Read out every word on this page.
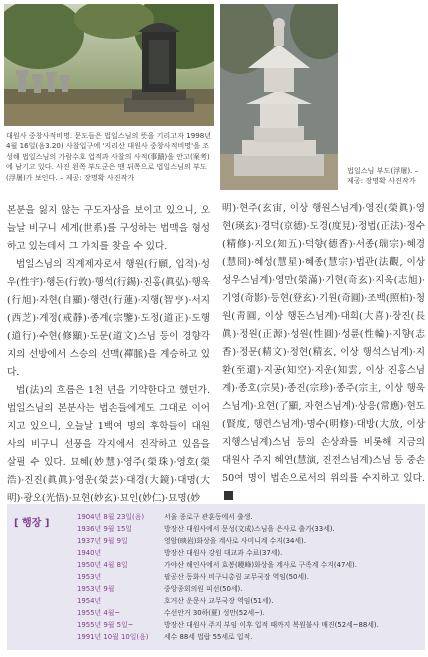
대원사 중창사적비명. 문도들은 법일스님의 뜻을 기리고자 1998년 4월 16일(음3.20) 사찰입구에 '지리산 대원사 중창사적비명'을 조성해 법일스님의 가람수호 업적과 사찰의 사적(事蹟)을 안고(案考)에 남기고 있다. 사진 왼쪽 부도군은 맨 뒤쪽으로 법일스님의 부도(浮屠)가 보인다. – 제공: 장명확 사진작가
법일스님 부도(浮屠). – 제공: 장명확 사진작가

본분을 잃지 않는 구도자상을 보이고 있으니, 오늘날 비구니 세계(世系)를 구성하는 법맥을 형성하고 있는데서 그 가치를 찾을 수 있다.

법일스님의 직계제자로서 행원(行願, 입적)·성우(性宇)·행돈(行敦)·행석(行錫)·진홍(眞弘)·행욱(行旭)·자현(自顯)·행련(行蓮)·지행(智亨)·서지(西芝)·계정(戒靜)·종계(宗鑒)·도정(道正)·도행(道行)·수현(修顯)·도문(道文)스님 등이 경향각지의 선방에서 스승의 선맥(禪脈)을 계승하고 있다.

법(法)의 흐름은 1천 년을 기약한다고 했던가. 법일스님의 본분사는 법손들에게도 그대로 이어지고 있으니, 오늘날 1백여 명의 후학들이 대원사의 비구니 선풍을 각지에서 진작하고 있음을 살필 수 있다. 묘혜(妙慧)·영주(榮珠)·영호(榮浩)·진진(眞眞)·영운(榮芸)·대경(大鏡)·대명(大明)·광오(光悟)·묘현(妙玄)·묘인(妙仁)·묘명(妙

明)·현주(玄宙, 이상 행원스님계)·영진(榮眞)·영현(瑛玄)·경덕(京德)·도경(度見)·정법(正法)·정수(精修)·지오(知五)·덕향(德香)·서종(瑞宗)·혜경(慧冏)·혜성(慧星)·혜종(慧宗)·법관(法觀, 이상 성우스님계)·영만(榮滿)·기현(奇玄)·지욱(志旭)·기영(奇影)·등현(登玄)·기원(奇圓)·조백(照柏)·청원(靑圓, 이상 행돈스님계)·대희(大喜)·장진(長眞)·정원(正源)·성원(性圓)·성륜(性輪)·지향(志香)·정문(精文)·정현(精玄, 이상 행석스님계)·지환(至還)·지공(知空)·지운(知雲, 이상 진홍스님계)·종호(宗昊)·종진(宗珍)·종주(宗主, 이상 행욱스님계)·요현(了顯, 자현스님계)·상응(常應)·현도(賢度, 행련스님계)·명수(明修)·대방(大放, 이상 지행스님계)스님 등의 손상좌를 비롯해 지금의 대원사 주지 혜연(慧演, 진전스님계)스님 등 중손 50여 명이 법손으로서의 위의를 수지하고 있다.

[ 행장 ]
1904년 8월 23일(음)	서울 종로구 관훈동에서 출생.
1936년 9월 15일	방장산 대원사에서 문성(文成)스님을 은사로 출가(33세).
1937년 9월 9일	영암(映岩)화상을 계사로 사미니계 수지(34세).
1940년	방장산 대원사 강원 대교과 수료(37세).
1950년 4월 8일	가야산 해인사에서 효봉(曉峰)화상을 계사로 구족계 수지(47세).
1953년	팔공산 동화사 비구니총림 교무국장 역임(50세).
1953년 9월	중앙종회의원 피선(50세).
1954년	호거산 운문사 교무국장 역임(51세).
1955년 4월~	수선안거 30하(夏) 성만(52세~).
1955년 9월 5일~	방장산 대원사 주지 부임 이후 입적 때까지 복원불사 매진(52세~88세).
1991년 10월 10일(음) 세수 88세 법랍 55세로 입적.
